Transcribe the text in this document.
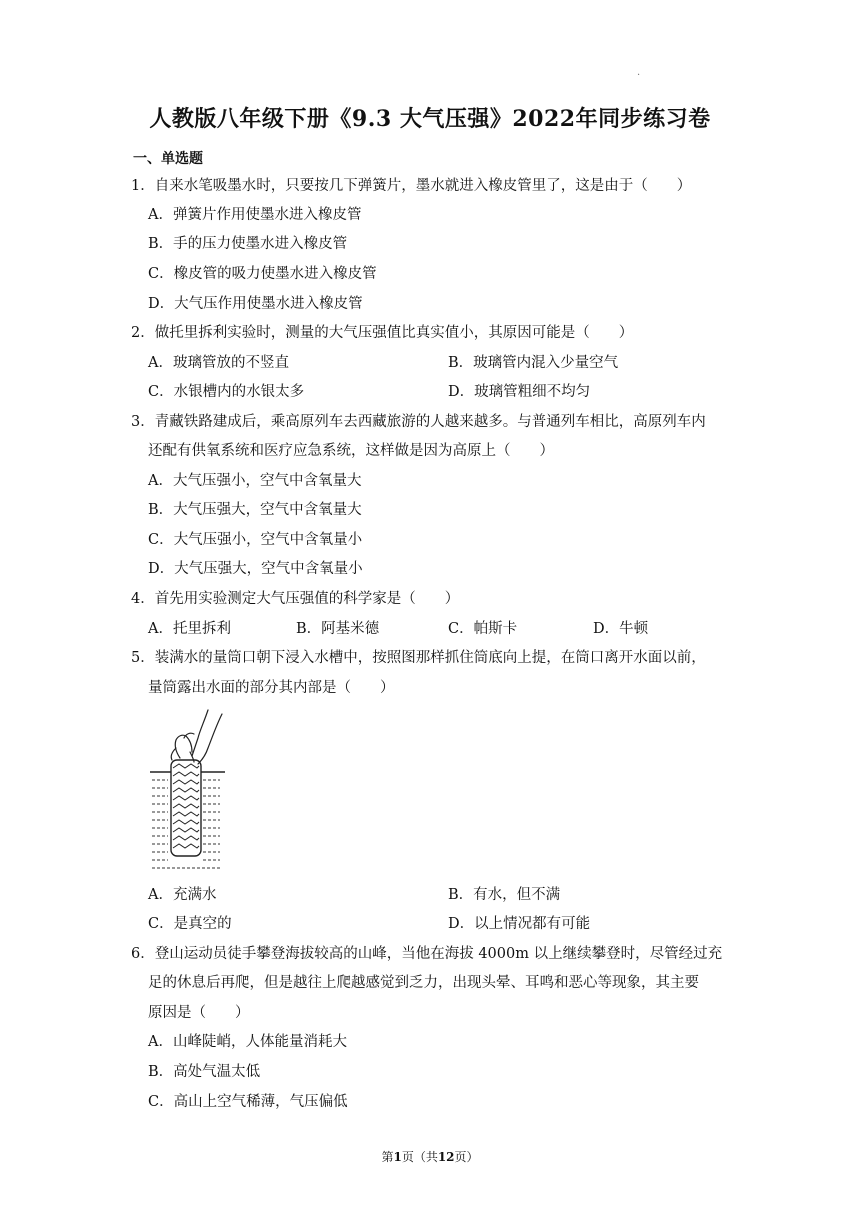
·
人教版八年级下册《9.3 大气压强》2022年同步练习卷
一、单选题
1．自来水笔吸墨水时，只要按几下弹簧片，墨水就进入橡皮管里了，这是由于（　　）
A．弹簧片作用使墨水进入橡皮管
B．手的压力使墨水进入橡皮管
C．橡皮管的吸力使墨水进入橡皮管
D．大气压作用使墨水进入橡皮管
2．做托里拆利实验时，测量的大气压强值比真实值小，其原因可能是（　　）
A．玻璃管放的不竖直	B．玻璃管内混入少量空气
C．水银槽内的水银太多	D．玻璃管粗细不均匀
3．青藏铁路建成后，乘高原列车去西藏旅游的人越来越多。与普通列车相比，高原列车内
还配有供氧系统和医疗应急系统，这样做是因为高原上（　　）
A．大气压强小，空气中含氧量大
B．大气压强大，空气中含氧量大
C．大气压强小，空气中含氧量小
D．大气压强大，空气中含氧量小
4．首先用实验测定大气压强值的科学家是（　　）
A．托里拆利	B．阿基米德	C．帕斯卡	D．牛顿
5．装满水的量筒口朝下浸入水槽中，按照图那样抓住筒底向上提，在筒口离开水面以前，
量筒露出水面的部分其内部是（　　）
A．充满水	B．有水，但不满
C．是真空的	D．以上情况都有可能
6．登山运动员徒手攀登海拔较高的山峰，当他在海拔 4000m 以上继续攀登时，尽管经过充
足的休息后再爬，但是越往上爬越感觉到乏力，出现头晕、耳鸣和恶心等现象，其主要
原因是（　　）
A．山峰陡峭，人体能量消耗大
B．高处气温太低
C．高山上空气稀薄，气压偏低
第1页（共12页）
